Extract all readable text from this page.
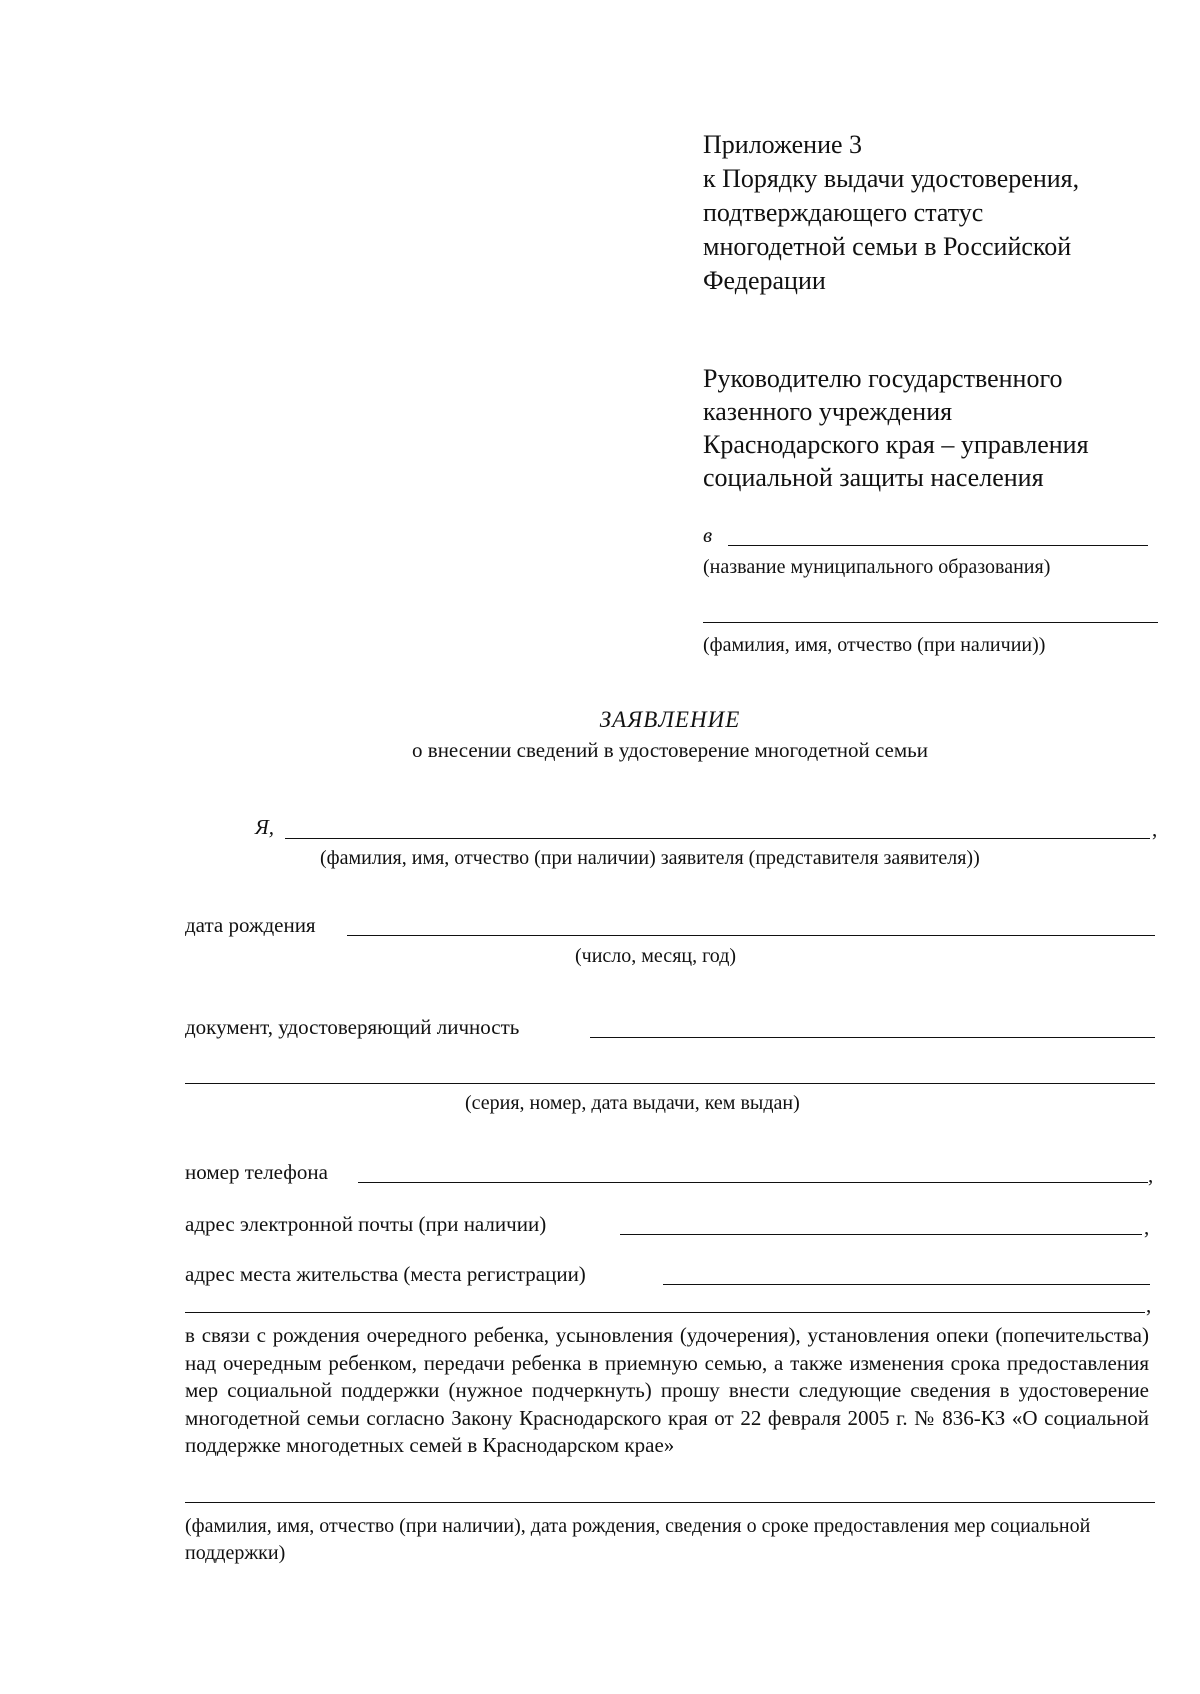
Приложение 3
к Порядку выдачи удостоверения,
подтверждающего статус
многодетной семьи в Российской
Федерации
Руководителю государственного
казенного учреждения
Краснодарского края – управления
социальной защиты населения
в
(название муниципального образования)
(фамилия, имя, отчество (при наличии))
ЗАЯВЛЕНИЕ
о внесении сведений в удостоверение многодетной семьи
Я,	,
(фамилия, имя, отчество (при наличии) заявителя (представителя заявителя))
дата рождения
(число, месяц, год)
документ, удостоверяющий личность
(серия, номер, дата выдачи, кем выдан)
номер телефона	,
адрес электронной почты (при наличии)	,
адрес места жительства (места регистрации)
,
в связи с рождения очередного ребенка, усыновления (удочерения), установления опеки (попечительства) над очередным ребенком, передачи ребенка в приемную семью, а также изменения срока предоставления мер социальной поддержки (нужное подчеркнуть) прошу внести следующие сведения в удостоверение многодетной семьи согласно Закону Краснодарского края от 22 февраля 2005 г. № 836-КЗ «О социальной поддержке многодетных семей в Краснодарском крае»
(фамилия, имя, отчество (при наличии), дата рождения, сведения о сроке предоставления мер социальной поддержки)
